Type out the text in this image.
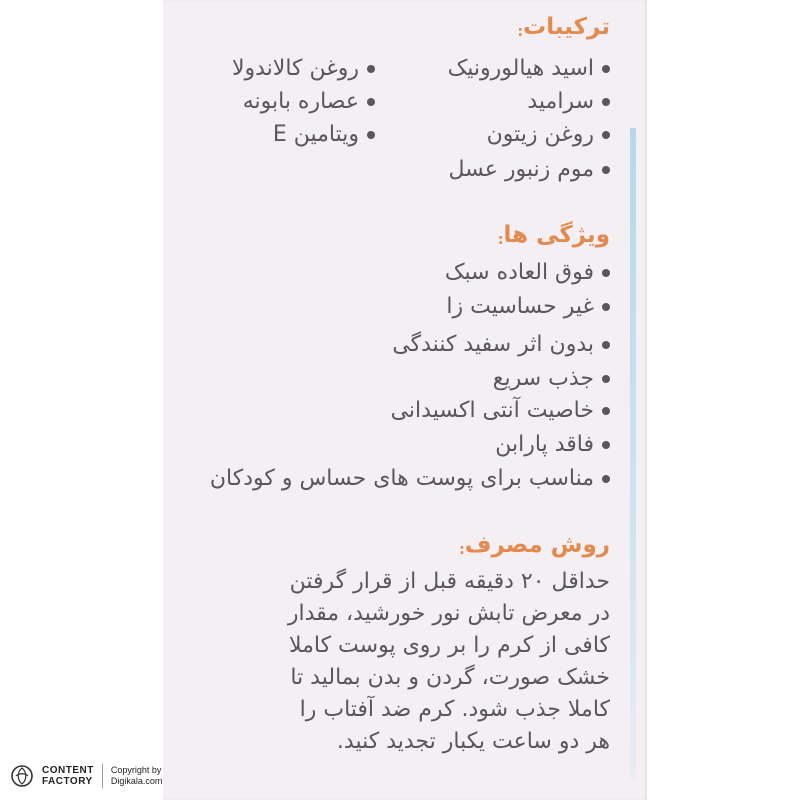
ترکیبات:
اسید هیالورونیک
سرامید
روغن زیتون
موم زنبور عسل
روغن کالاندولا
عصاره بابونه
ویتامین E
ویژگی ها:
فوق العاده سبک
غیر حساسیت زا
بدون اثر سفید کنندگی
جذب سریع
خاصیت آنتی اکسیدانی
فاقد پارابن
مناسب برای پوست های حساس و کودکان
روش مصرف:
حداقل ۲۰ دقیقه قبل از قرار گرفتن
در معرض تابش نور خورشید، مقدار
کافی از کرم را بر روی پوست کاملا
خشک صورت، گردن و بدن بمالید تا
کاملا جذب شود. کرم ضد آفتاب را
هر دو ساعت یکبار تجدید کنید.
CONTENT
FACTORY
Copyright by
Digikala.com
